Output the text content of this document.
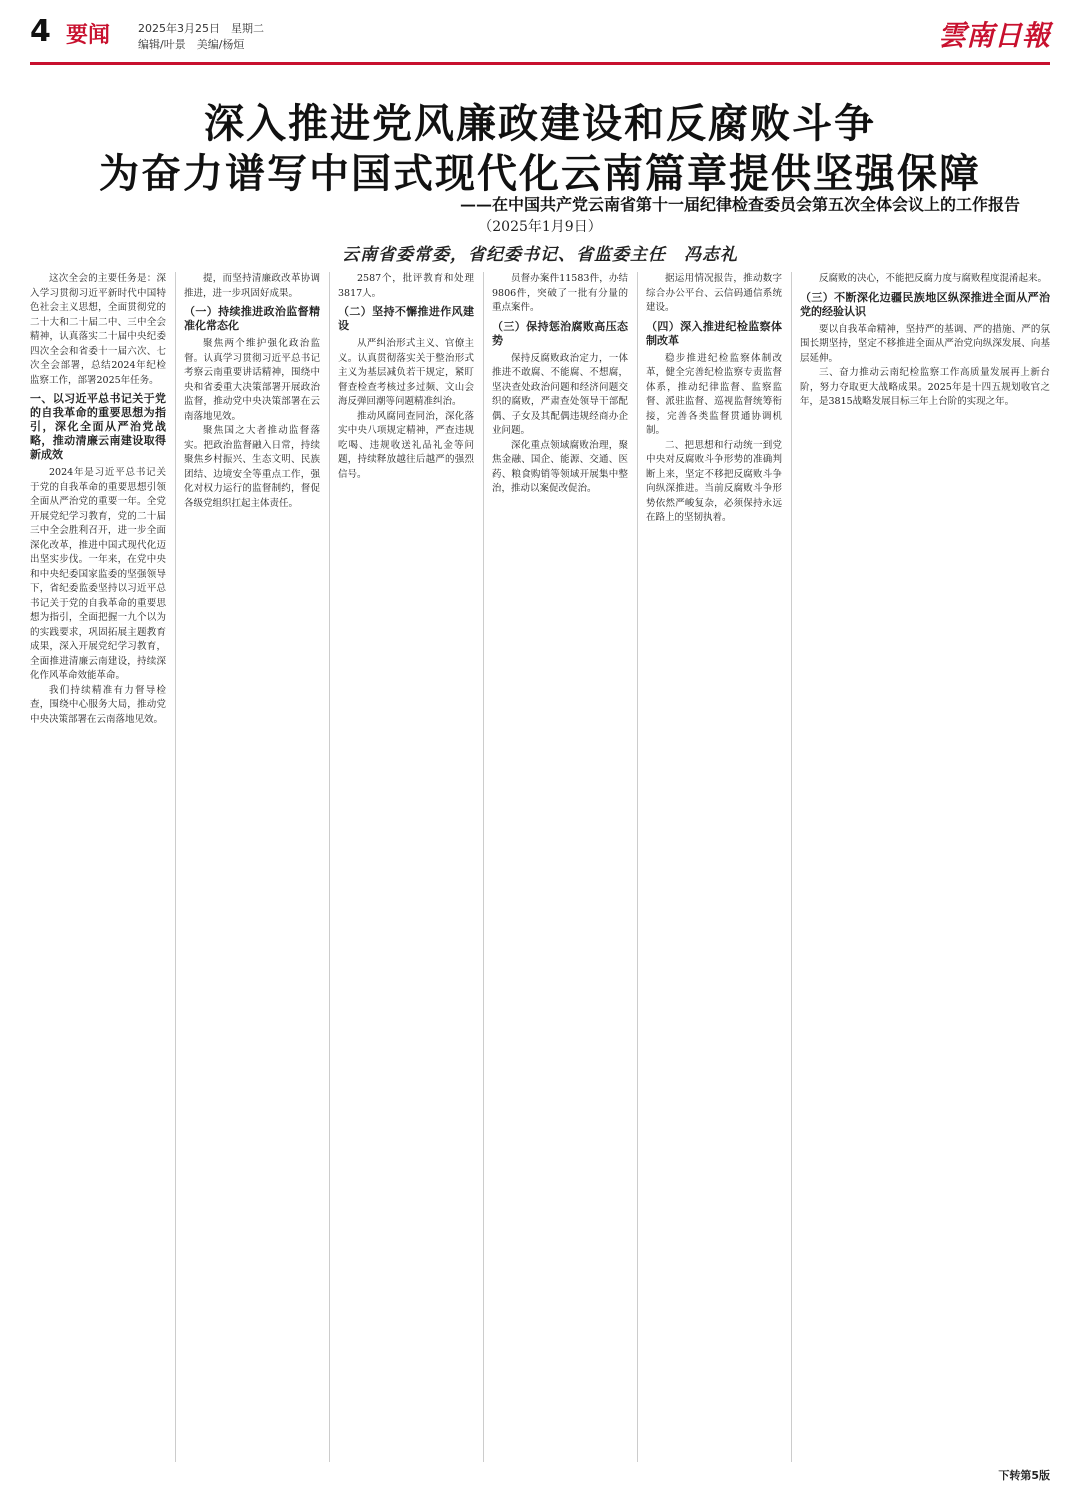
4 要闻	2025年3月25日　星期二
编辑/叶景　美编/杨烜	雲南日報
深入推进党风廉政建设和反腐败斗争
为奋力谱写中国式现代化云南篇章提供坚强保障
——在中国共产党云南省第十一届纪律检查委员会第五次全体会议上的工作报告
（2025年1月9日）
云南省委常委，省纪委书记、省监委主任　冯志礼

这次全会的主要任务是：深入学习贯彻习近平新时代中国特色社会主义思想，全面贯彻党的二十大和二十届二中、三中全会精神，认真落实二十届中央纪委四次全会和省委十一届六次、七次全会部署，总结2024年纪检监察工作，部署2025年任务。

一、以习近平总书记关于党的自我革命的重要思想为指引，深化全面从严治党战略，推动清廉云南建设取得新成效

2024年是习近平总书记关于党的自我革命的重要思想引领全面从严治党的重要一年。全党开展党纪学习教育，党的二十届三中全会胜利召开，进一步全面深化改革，推进中国式现代化迈出坚实步伐。一年来，在党中央和中央纪委国家监委的坚强领导下，省纪委监委坚持以习近平总书记关于党的自我革命的重要思想为指引，全面把握一九个以为的实践要求，巩固拓展主题教育成果，深入开展党纪学习教育，全面推进清廉云南建设，持续深化作风革命效能革命。

我们持续精准有力督导检查，围绕中心服务大局，推动党中央决策部署在云南落地见效。

提，而坚持清廉政改革协调推进，进一步巩固好成果。

（一）持续推进政治监督精准化常态化

聚焦两个维护强化政治监督。认真学习贯彻习近平总书记考察云南重要讲话精神，围绕中央和省委重大决策部署开展政治监督，推动党中央决策部署在云南落地见效。

聚焦国之大者推动监督落实。把政治监督融入日常，持续聚焦乡村振兴、生态文明、民族团结、边境安全等重点工作，强化对权力运行的监督制约，督促各级党组织扛起主体责任。

2587个，批评教育和处理3817人。

（二）坚持不懈推进作风建设

从严纠治形式主义、官僚主义。认真贯彻落实关于整治形式主义为基层减负若干规定，紧盯督查检查考核过多过频、文山会海反弹回潮等问题精准纠治。

推动风腐同查同治，深化落实中央八项规定精神，严查违规吃喝、违规收送礼品礼金等问题，持续释放越往后越严的强烈信号。

员督办案件11583件，办结9806件，突破了一批有分量的重点案件。

（三）保持惩治腐败高压态势

保持反腐败政治定力，一体推进不敢腐、不能腐、不想腐，坚决查处政治问题和经济问题交织的腐败，严肃查处领导干部配偶、子女及其配偶违规经商办企业问题。

深化重点领域腐败治理，聚焦金融、国企、能源、交通、医药、粮食购销等领域开展集中整治，推动以案促改促治。

据运用情况报告，推动数字综合办公平台、云信码通信系统建设。

（四）深入推进纪检监察体制改革

稳步推进纪检监察体制改革，健全完善纪检监察专责监督体系，推动纪律监督、监察监督、派驻监督、巡视监督统筹衔接，完善各类监督贯通协调机制。

二、把思想和行动统一到党中央对反腐败斗争形势的准确判断上来，坚定不移把反腐败斗争向纵深推进。当前反腐败斗争形势依然严峻复杂，必须保持永远在路上的坚韧执着。

反腐败的决心，不能把反腐力度与腐败程度混淆起来。

（三）不断深化边疆民族地区纵深推进全面从严治党的经验认识

要以自我革命精神，坚持严的基调、严的措施、严的氛围长期坚持，坚定不移推进全面从严治党向纵深发展、向基层延伸。

三、奋力推动云南纪检监察工作高质量发展再上新台阶，努力夺取更大战略成果。2025年是十四五规划收官之年，是3815战略发展目标三年上台阶的实现之年。

下转第5版
